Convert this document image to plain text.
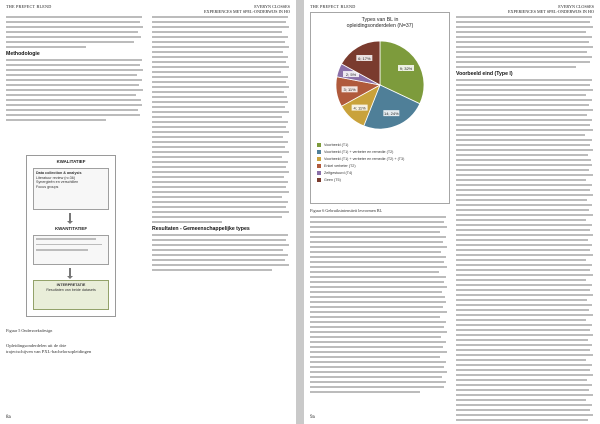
THE PREFECT BLEND	EVERYN CLOSSES
EXPERIENCES MET SPEL-ONDERWIJS IN HO
Methodologie
KWALITATIEF
Data collection & analysis
Literatuur review (n=36)
Synergieën en verschillen
Focus groups
KWANTITATIEF
INTERPRETATIE
Resultaten van beide datasets
Figuur 5 Onderzoeksdesign
Opleidingsonderdelen uit de drie
trajectschijven van PXL-bachelorsopleidingen
Resultaten - Gemeenschappelijke types
8a
THE PREFECT BLEND	EVERYN CLOSSES
EXPERIENCES MET SPEL-ONDERWIJS IN HO
Types van BL in
opleidingsonderdelen (N=37)
9; 32%
14; 24%
4; 11%
3; 11%
2; 5%
6; 17%
Voorbeeld (T1)
Voorbeeld (T1) + verbeter en remedie (T2)
Voorbeeld (T1) + verbeter en remedie (T2) + (T3)
Enkel verbeter (T2)
Zelfgestuurd (T4)
Geen (T5)
Figuur 6 Gebruiksintensiteit lesvormen BL
Voorbeeld eind (Type I)
9a
